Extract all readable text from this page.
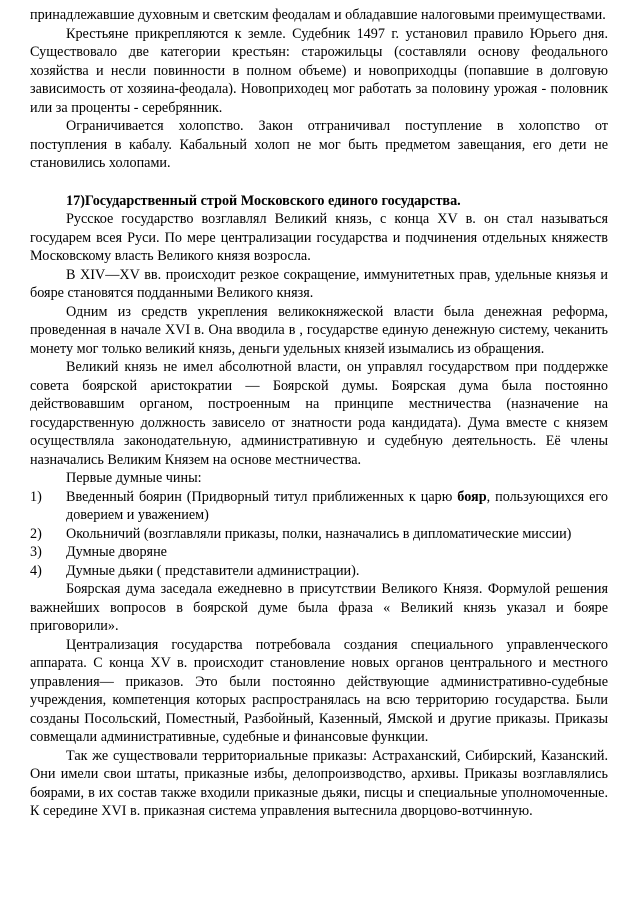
принадлежавшие духовным и светским феодалам и обладавшие налоговыми преимуществами.

Крестьяне прикрепляются к земле. Судебник 1497 г. установил правило Юрьего дня. Существовало две категории крестьян: старожильцы (составляли основу феодального хозяйства и несли повинности в полном объеме) и новоприходцы (попавшие в долговую зависимость от хозяина-феодала). Новоприходец мог работать за половину урожая - половник или за проценты - серебрянник.

Ограничивается холопство. Закон отграничивал поступление в холопство от поступления в кабалу. Кабальный холоп не мог быть предметом завещания, его дети не становились холопами.

17)Государственный строй Московского единого государства.

Русское государство возглавлял Великий князь, с конца XV в. он стал называться государем всея Руси. По мере централизации государства и подчинения отдельных княжеств Московскому власть Великого князя возросла.

В XIV—XV вв. происходит резкое сокращение, иммунитетных прав, удельные князья и бояре становятся подданными Великого князя.

Одним из средств укрепления великокняжеской власти была денежная реформа, проведенная в начале XVI в. Она вводила в , государстве единую денежную систему, чеканить монету мог только великий князь, деньги удельных князей изымались из обращения.

Великий князь не имел абсолютной власти, он управлял государством при поддержке совета боярской аристократии — Боярской думы. Боярская дума была постоянно действовавшим органом, построенным на принципе местничества (назначение на государственную должность зависело от знатности рода кандидата). Дума вместе с князем осуществляла законодательную, административную и судебную деятельность. Её члены назначались Великим Князем на основе местничества.

Первые думные чины:

1)	Введенный боярин (Придворный титул приближенных к царю бояр, пользующихся его доверием и уважением)
2)	Окольничий (возглавляли приказы, полки, назначались в дипломатические миссии)
3)	Думные дворяне
4)	Думные дьяки ( представители администрации).

Боярская дума заседала ежедневно в присутствии Великого Князя. Формулой решения важнейших вопросов в боярской думе была фраза « Великий князь указал и бояре приговорили».

Централизация государства потребовала создания специального управленческого аппарата. С конца XV в. происходит становление новых органов центрального и местного управления— приказов. Это были постоянно действующие административно-судебные учреждения, компетенция которых распространялась на всю территорию государства. Были созданы Посольский, Поместный, Разбойный, Казенный, Ямской и другие приказы. Приказы совмещали административные, судебные и финансовые функции.

Так же существовали территориальные приказы: Астраханский, Сибирский, Казанский. Они имели свои штаты, приказные избы, делопроизводство, архивы. Приказы возглавлялись боярами, в их состав также входили приказные дьяки, писцы и специальные уполномоченные. К середине XVI в. приказная система управления вытеснила дворцово-вотчинную.
